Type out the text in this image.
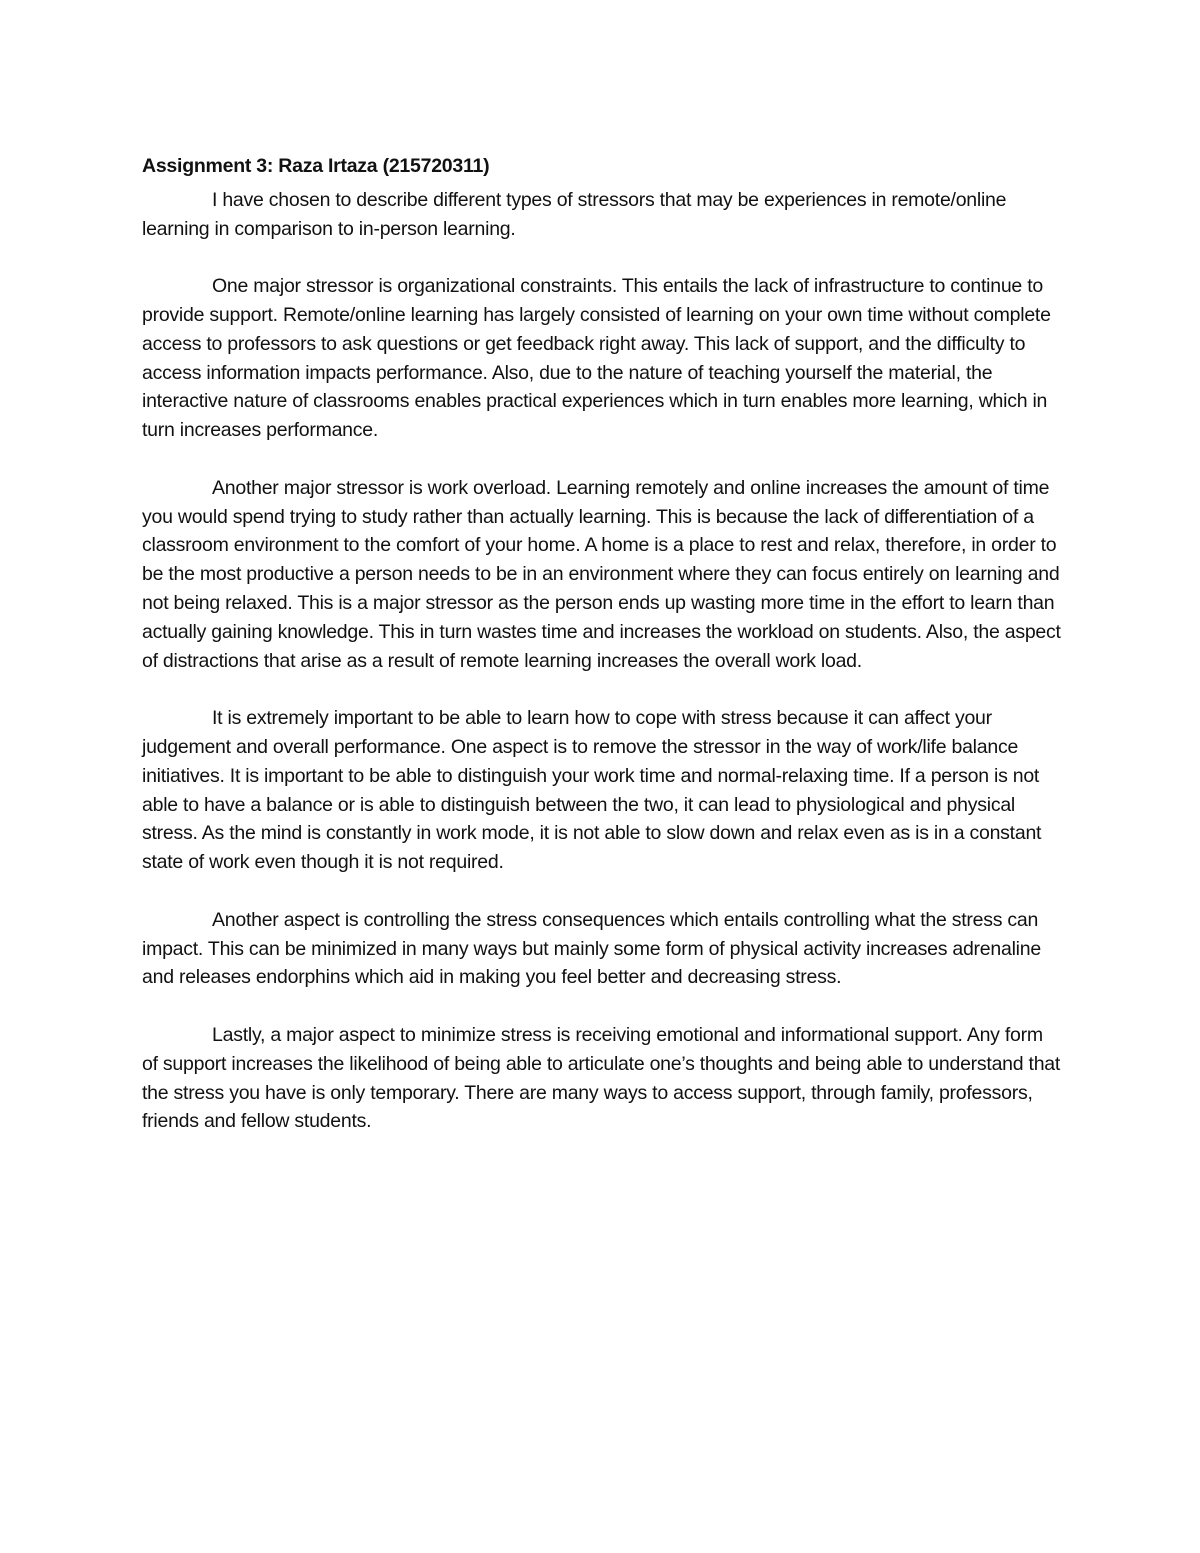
Assignment 3: Raza Irtaza (215720311)

I have chosen to describe different types of stressors that may be experiences in remote/online learning in comparison to in-person learning.

One major stressor is organizational constraints. This entails the lack of infrastructure to continue to provide support. Remote/online learning has largely consisted of learning on your own time without complete access to professors to ask questions or get feedback right away. This lack of support, and the difficulty to access information impacts performance. Also, due to the nature of teaching yourself the material, the interactive nature of classrooms enables practical experiences which in turn enables more learning, which in turn increases performance.

Another major stressor is work overload. Learning remotely and online increases the amount of time you would spend trying to study rather than actually learning. This is because the lack of differentiation of a classroom environment to the comfort of your home. A home is a place to rest and relax, therefore, in order to be the most productive a person needs to be in an environment where they can focus entirely on learning and not being relaxed. This is a major stressor as the person ends up wasting more time in the effort to learn than actually gaining knowledge. This in turn wastes time and increases the workload on students. Also, the aspect of distractions that arise as a result of remote learning increases the overall work load.

It is extremely important to be able to learn how to cope with stress because it can affect your judgement and overall performance. One aspect is to remove the stressor in the way of work/life balance initiatives. It is important to be able to distinguish your work time and normal-relaxing time. If a person is not able to have a balance or is able to distinguish between the two, it can lead to physiological and physical stress. As the mind is constantly in work mode, it is not able to slow down and relax even as is in a constant state of work even though it is not required.

Another aspect is controlling the stress consequences which entails controlling what the stress can impact. This can be minimized in many ways but mainly some form of physical activity increases adrenaline and releases endorphins which aid in making you feel better and decreasing stress.

Lastly, a major aspect to minimize stress is receiving emotional and informational support. Any form of support increases the likelihood of being able to articulate one’s thoughts and being able to understand that the stress you have is only temporary. There are many ways to access support, through family, professors, friends and fellow students.
